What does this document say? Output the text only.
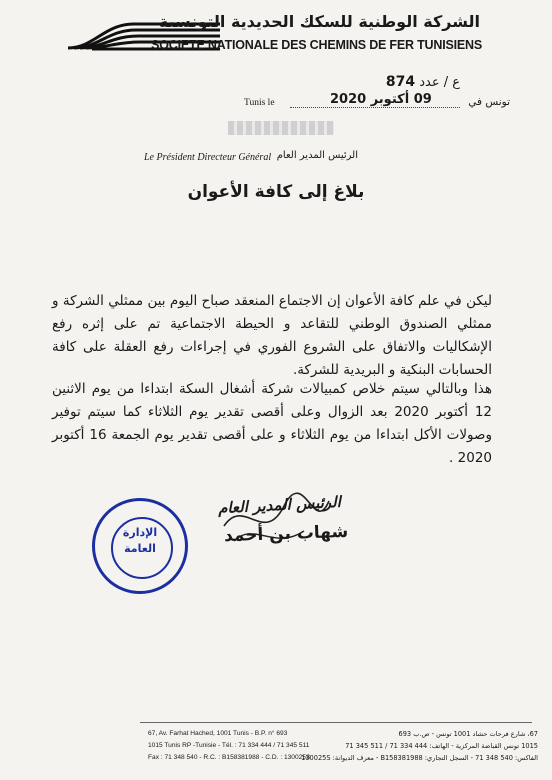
الشركة الوطنية للسكك الحديدية التونسية
SOCIETE NATIONALE DES CHEMINS DE FER TUNISIENS
ع / عدد 874
Tunis le	09 أكتوبر 2020	تونس في
Le Président Directeur Général الرئيس المدير العام
بلاغ إلى كافة الأعوان
ليكن في علم كافة الأعوان إن الاجتماع المنعقد صباح اليوم بين ممثلي الشركة و ممثلي الصندوق الوطني للتقاعد و الحيطة الاجتماعية تم على إثره رفع الإشكاليات والاتفاق على الشروع الفوري في إجراءات رفع العقلة على كافة الحسابات البنكية و البريدية للشركة.
هذا وبالتالي سيتم خلاص كمبيالات شركة أشغال السكة ابتداءا من يوم الاثنين 12 أكتوبر 2020 بعد الزوال وعلى أقصى تقدير يوم الثلاثاء كما سيتم توفير وصولات الأكل ابتداءا من يوم الثلاثاء و على أقصى تقدير يوم الجمعة 16 أكتوبر 2020 .
الإدارة
العامة
الرئيس المدير العام
شهاب بن أحمد
67, Av. Farhat Hached, 1001 Tunis - B.P. n° 693
1015 Tunis RP -Tunisie - Tél. : 71 334 444 / 71 345 511
Fax : 71 348 540 - R.C. : B158381988 - C.D. : 130025S
67، شارع فرحات حشاد 1001 تونس - ص.ب 693
1015 تونس القباضة المركزية - الهاتف: 444 334 71 / 511 345 71
الفاكس: 540 348 71 - السجل التجاري: B158381988 - معرف الديوانة: 130025S
